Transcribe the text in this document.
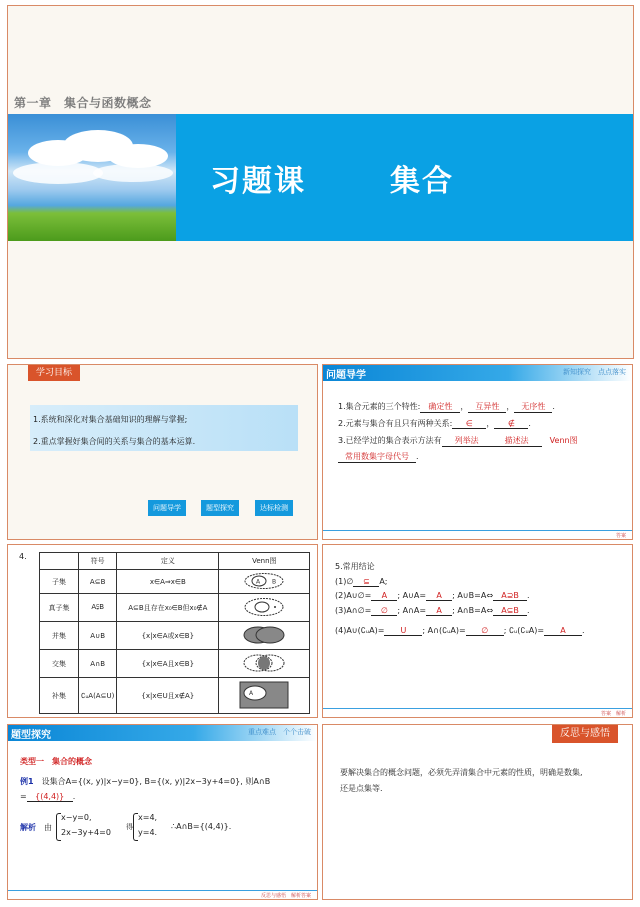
第一章　集合与函数概念
习题课	集合
学习目标
1.系统和深化对集合基础知识的理解与掌握;
2.重点掌握好集合间的关系与集合的基本运算.
问题导学	题型探究	达标检测
问题导学	新知探究　点点落实
1.集合元素的三个特性: 确定性 ， 互异性 ， 无序性 .
2.元素与集合有且只有两种关系: ∈ ， ∉ .
3.已经学过的集合表示方法有 列举法	描述法	Venn图
常用数集字母代号 .
答案
4.
		符号	定义	Venn图
子集	A⊆B	x∈A⇒x∈B	A B

真子集	A⫋B	A⊆B且存在x₀∈B但x₀∉A	
并集	A∪B	{x|x∈A或x∈B}	
交集	A∩B	{x|x∈A且x∈B}	
补集	∁ᵤA(A⊆U)	{x|x∈U且x∉A}	A
5.常用结论
(1)∅ ⊆ A;
(2)A∪∅= A ; A∪A= A ; A∪B=A⇔ A⊇B .
(3)A∩∅= ∅ ; A∩A= A ; A∩B=A⇔ A⊆B .
(4)A∪(∁ᵤA)= U ; A∩(∁ᵤA)= ∅ ; ∁ᵤ(∁ᵤA)= A .
答案　解析
题型探究	重点难点　个个击破
类型一　集合的概念
例1　 设集合A={(x, y)|x−y=0}, B={(x, y)|2x−3y+4=0}, 则A∩B
= {(4,4)} .
解析　 由
x−y=0,
2x−3y+4=0
得
x=4,
y=4.
∴A∩B={(4,4)}.
反思与感悟　解析答案
反思与感悟
要解决集合的概念问题，必须先弄清集合中元素的性质，明确是数集,
还是点集等.
